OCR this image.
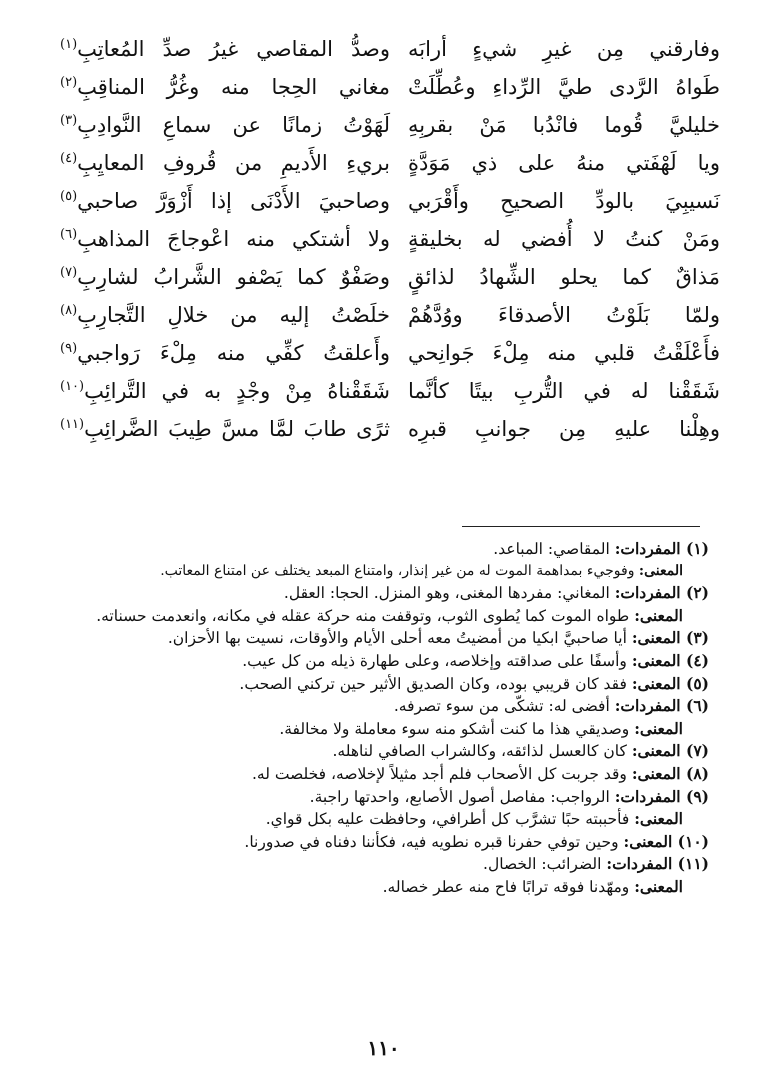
وفارقني مِن غيرِ شيءٍ أرابَه
وصدُّ المقاصي غيرُ صدِّ المُعاتِبِ$^{(١)}$
طَواهُ الرَّدى طيَّ الرِّداءِ وعُطِّلَتْ
مغاني الحِجا منه وغُرُّ المناقِبِ$^{(٢)}$
خليليَّ قُوما فانْدُبا مَنْ بقربِهِ
لَهَوْتُ زمانًا عن سماعِ النَّوادِبِ$^{(٣)}$
ويا لَهْفَتي منهُ على ذي مَوَدَّةٍ
بريءِ الأَديمِ من قُروفِ المعايِبِ$^{(٤)}$
نَسيبِيَ بالودِّ الصحيحِ وأَقْرَبي
وصاحبيَ الأَدْنَى إذا أَزْوَرَّ صاحبي$^{(٥)}$
ومَنْ كنتُ لا أُفضي له بخليقةٍ
ولا أشتكي منه اعْوجاجَ المذاهبِ$^{(٦)}$
مَذاقٌ كما يحلو الشِّهادُ لذائقٍ
وصَفْوٌ كما يَصْفو الشَّرابُ لشارِبِ$^{(٧)}$
ولمّا بَلَوْتُ الأصدقاءَ ووُدَّهُمْ
خلَصْتُ إليه من خلالِ التَّجارِبِ$^{(٨)}$
فأَعْلَقْتُ قلبي منه مِلْءَ جَوانِحي
وأَعلقتُ كفِّي منه مِلْءَ رَواجبي$^{(٩)}$
شَقَقْنا له في التُّربِ بيتًا كأنَّما
شَقَقْناهُ مِنْ وجْدٍ به في التَّرائِبِ$^{(١٠)}$
وهِلْنا عليهِ مِن جوانبِ قبرِه
ثرًى طابَ لمَّا مسَّ طِيبَ الضَّرائِبِ$^{(١١)}$
(١) المفردات: المقاصي: المباعد.
المعنى: وفوجيء بمداهمة الموت له من غير إنذار، وامتناع المبعد يختلف عن امتناع المعاتب.
(٢) المفردات: المغاني: مفردها المغنى، وهو المنزل. الحجا: العقل.
المعنى: طواه الموت كما يُطوى الثوب، وتوقفت منه حركة عقله في مكانه، وانعدمت حسناته.
(٣) المعنى: أيا صاحبيَّ ابكيا من أمضيتُ معه أحلى الأيام والأوقات، نسيت بها الأحزان.
(٤) المعنى: وأسفًا على صداقته وإخلاصه، وعلى طهارة ذيله من كل عيب.
(٥) المعنى: فقد كان قريبي بوده، وكان الصديق الأثير حين تركني الصحب.
(٦) المفردات: أفضى له: تشكّى من سوء تصرفه.
المعنى: وصديقي هذا ما كنت أشكو منه سوء معاملة ولا مخالفة.
(٧) المعنى: كان كالعسل لذائقه، وكالشراب الصافي لناهله.
(٨) المعنى: وقد جربت كل الأصحاب فلم أجد مثيلاً لإخلاصه، فخلصت له.
(٩) المفردات: الرواجب: مفاصل أصول الأصابع، واحدتها راجبة.
المعنى: فأحببته حبًا تشرَّب كل أطرافي، وحافظت عليه بكل قواي.
(١٠) المعنى: وحين توفي حفرنا قبره نطويه فيه، فكأننا دفناه في صدورنا.
(١١) المفردات: الضرائب: الخصال.
المعنى: ومهّدنا فوقه ترابًا فاح منه عطر خصاله.
١١٠
